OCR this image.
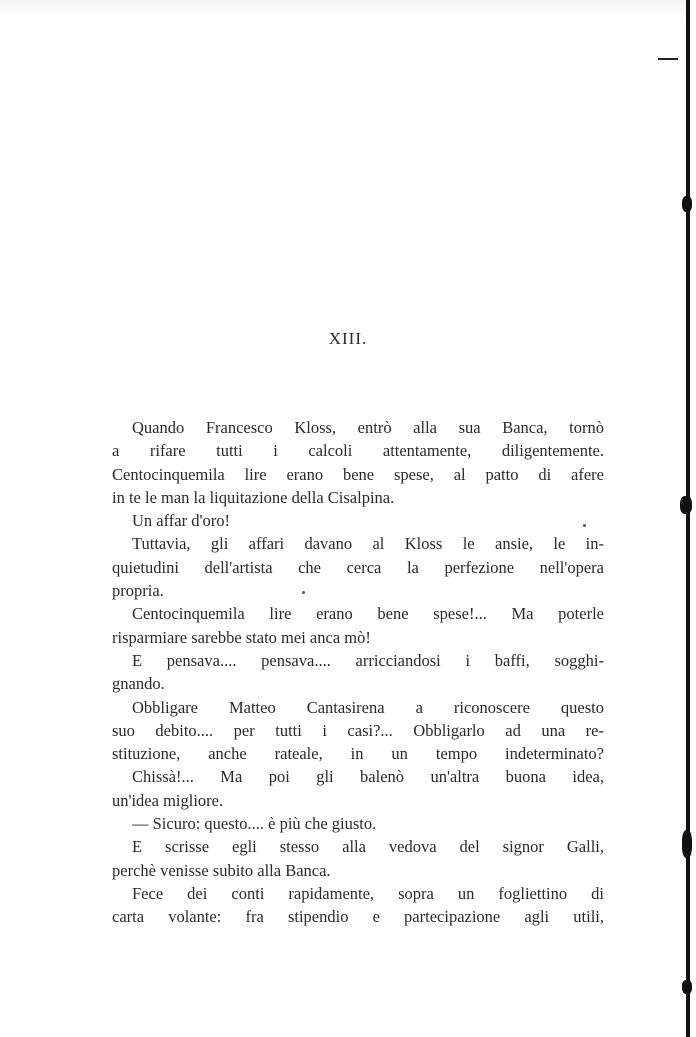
XIII.
Quando Francesco Kloss, entrò alla sua Banca, tornò
a rifare tutti i calcoli attentamente, diligentemente.
Centocinquemila lire erano bene spese, al patto di afere
in te le man la liquitazione della Cisalpina.
Un affar d'oro!
Tuttavia, gli affari davano al Kloss le ansie, le in-
quietudini dell'artista che cerca la perfezione nell'opera
propria.
Centocinquemila lire erano bene spese!... Ma poterle
risparmiare sarebbe stato mei anca mò!
E pensava.... pensava.... arricciandosi i baffi, sogghi-
gnando.
Obbligare Matteo Cantasirena a riconoscere questo
suo debito.... per tutti i casi?... Obbligarlo ad una re-
stituzione, anche rateale, in un tempo indeterminato?
Chissà!... Ma poi gli balenò un'altra buona idea,
un'idea migliore.
— Sicuro: questo.... è più che giusto.
E scrisse egli stesso alla vedova del signor Galli,
perchè venisse subito alla Banca.
Fece dei conti rapidamente, sopra un fogliettino di
carta volante: fra stipendio e partecipazione agli utili,
